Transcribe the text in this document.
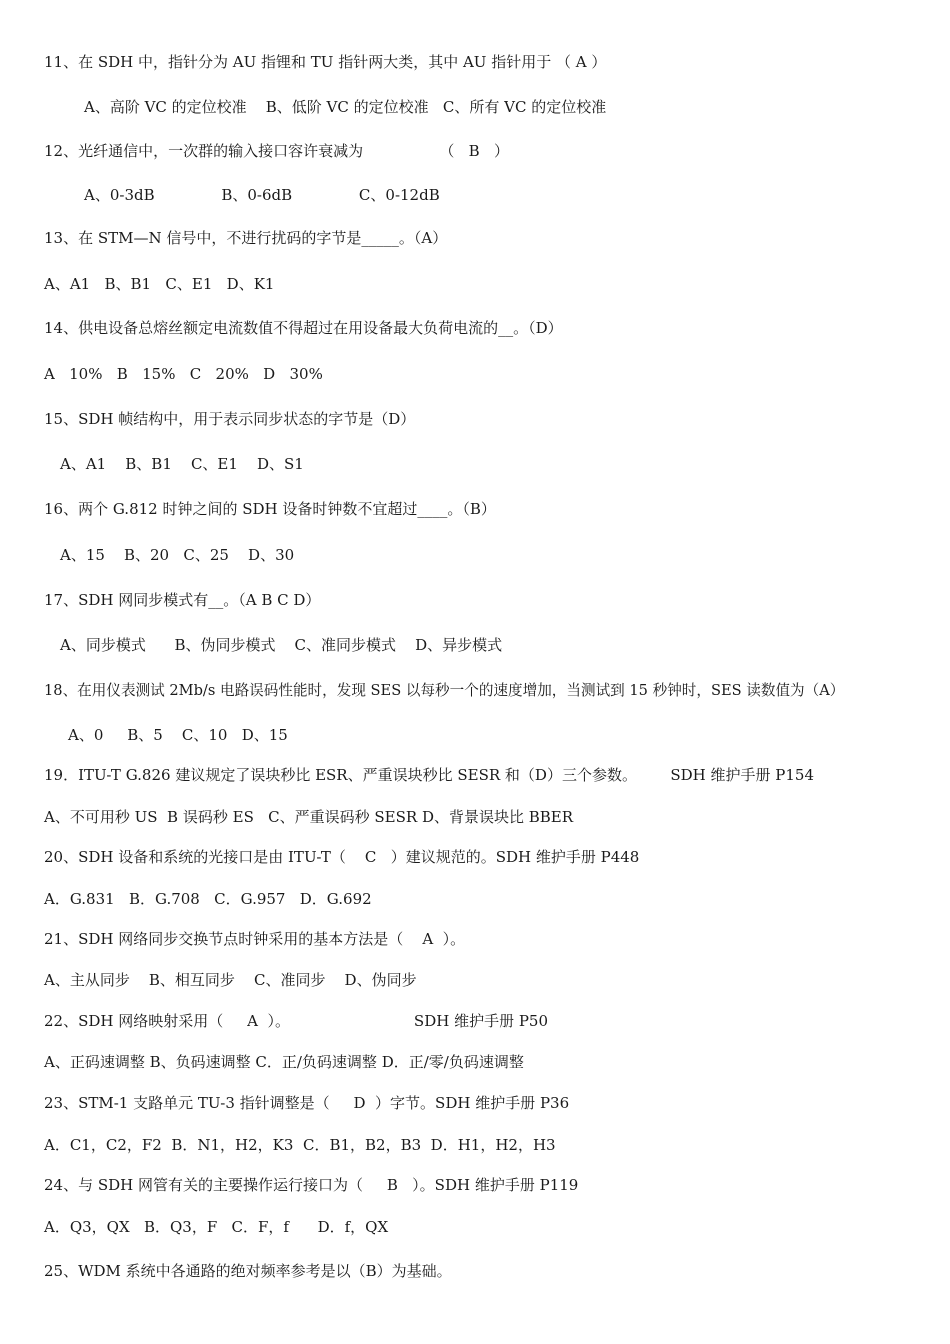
11、在 SDH 中，指针分为 AU 指锂和 TU 指针两大类，其中 AU 指针用于 （ A ）
A、高阶 VC 的定位校准    B、低阶 VC 的定位校准   C、所有 VC 的定位校准
12、光纤通信中，一次群的输入接口容许衰减为                （   B   ）
A、0-3dB              B、0-6dB              C、0-12dB
13、在 STM—N 信号中，不进行扰码的字节是_____。（A）
A、A1   B、B1   C、E1   D、K1
14、供电设备总熔丝额定电流数值不得超过在用设备最大负荷电流的__。（D）
A   10%   B   15%   C   20%   D   30%
15、SDH 帧结构中，用于表示同步状态的字节是（D）
A、A1    B、B1    C、E1    D、S1
16、两个 G.812 时钟之间的 SDH 设备时钟数不宜超过____。（B）
A、15    B、20   C、25    D、30
17、SDH 网同步模式有__。（A B C D）
A、同步模式      B、伪同步模式    C、准同步模式    D、异步模式
18、在用仪表测试 2Mb/s 电路误码性能时，发现 SES 以每秒一个的速度增加，当测试到 15 秒钟时，SES 读数值为（A）
A、0     B、5    C、10   D、15
19．ITU-T G.826 建议规定了误块秒比 ESR、严重误块秒比 SESR 和（D）三个参数。       SDH 维护手册 P154
A、不可用秒 US  B 误码秒 ES   C、严重误码秒 SESR D、背景误块比 BBER
20、SDH 设备和系统的光接口是由 ITU-T（    C   ）建议规范的。SDH 维护手册 P448
A．G.831   B．G.708   C．G.957   D．G.692
21、SDH 网络同步交换节点时钟采用的基本方法是（    A  ）。
A、主从同步    B、相互同步    C、准同步    D、伪同步
22、SDH 网络映射采用（     A  ）。                          SDH 维护手册 P50
A、正码速调整 B、负码速调整 C．正/负码速调整 D．正/零/负码速调整
23、STM-1 支路单元 TU-3 指针调整是（     D  ）字节。SDH 维护手册 P36
A．C1，C2，F2  B．N1，H2，K3  C．B1，B2，B3  D．H1，H2，H3
24、与 SDH 网管有关的主要操作运行接口为（     B   ）。SDH 维护手册 P119
A．Q3，QX   B．Q3，F   C．F，f      D．f，QX
25、WDM 系统中各通路的绝对频率参考是以（B）为基础。
